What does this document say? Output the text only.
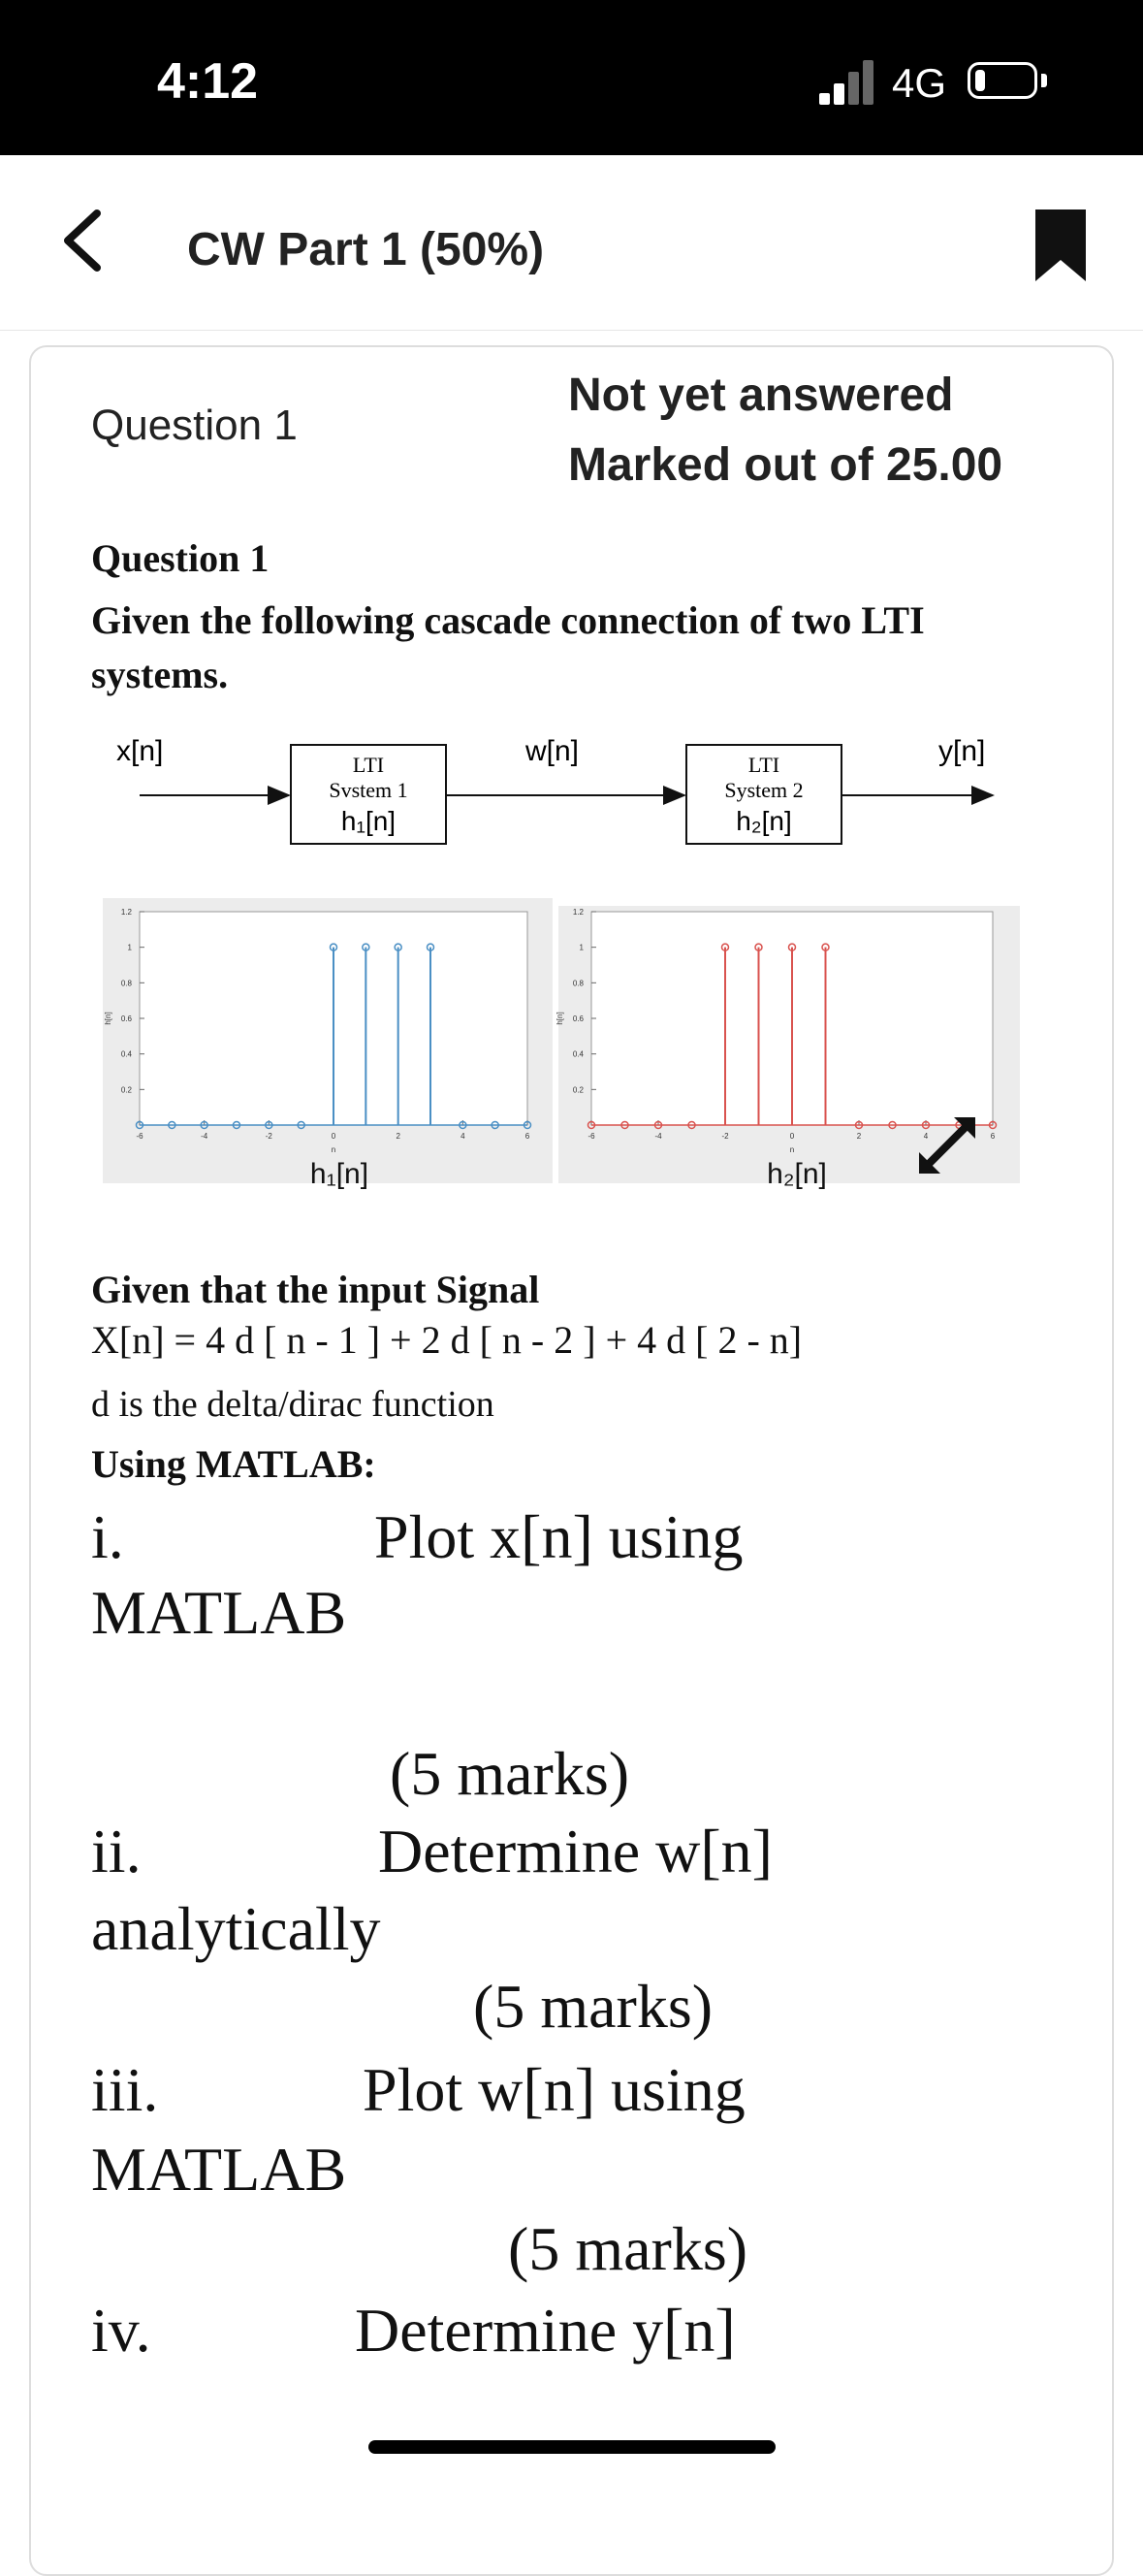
4:12	4G
CW Part 1 (50%)
Question 1
Not yet answered
Marked out of 25.00
Question 1
Given the following cascade connection of two LTI systems.
x[n]	LTI
Svstem 1
h₁[n]
w[n]	LTI
System 2
h₂[n]
y[n]
0.2
0.4
0.6
0.8
1
1.2
-6	-4	-2	0	2	4	6
n
h[n]
h₁[n]
0.2
0.4
0.6
0.8
1
1.2
-6	-4	-2	0	2	4	6
n
h[n]
h₂[n]
Given that the input Signal
X[n] = 4 d [ n - 1 ] + 2 d [ n - 2 ] + 4 d [ 2 - n]
d is the delta/dirac function
Using MATLAB:
i.	Plot x[n] using
MATLAB
(5 marks)
ii.	Determine w[n]
analytically
(5 marks)
iii.	Plot w[n] using
MATLAB
(5 marks)
iv.	Determine y[n]
